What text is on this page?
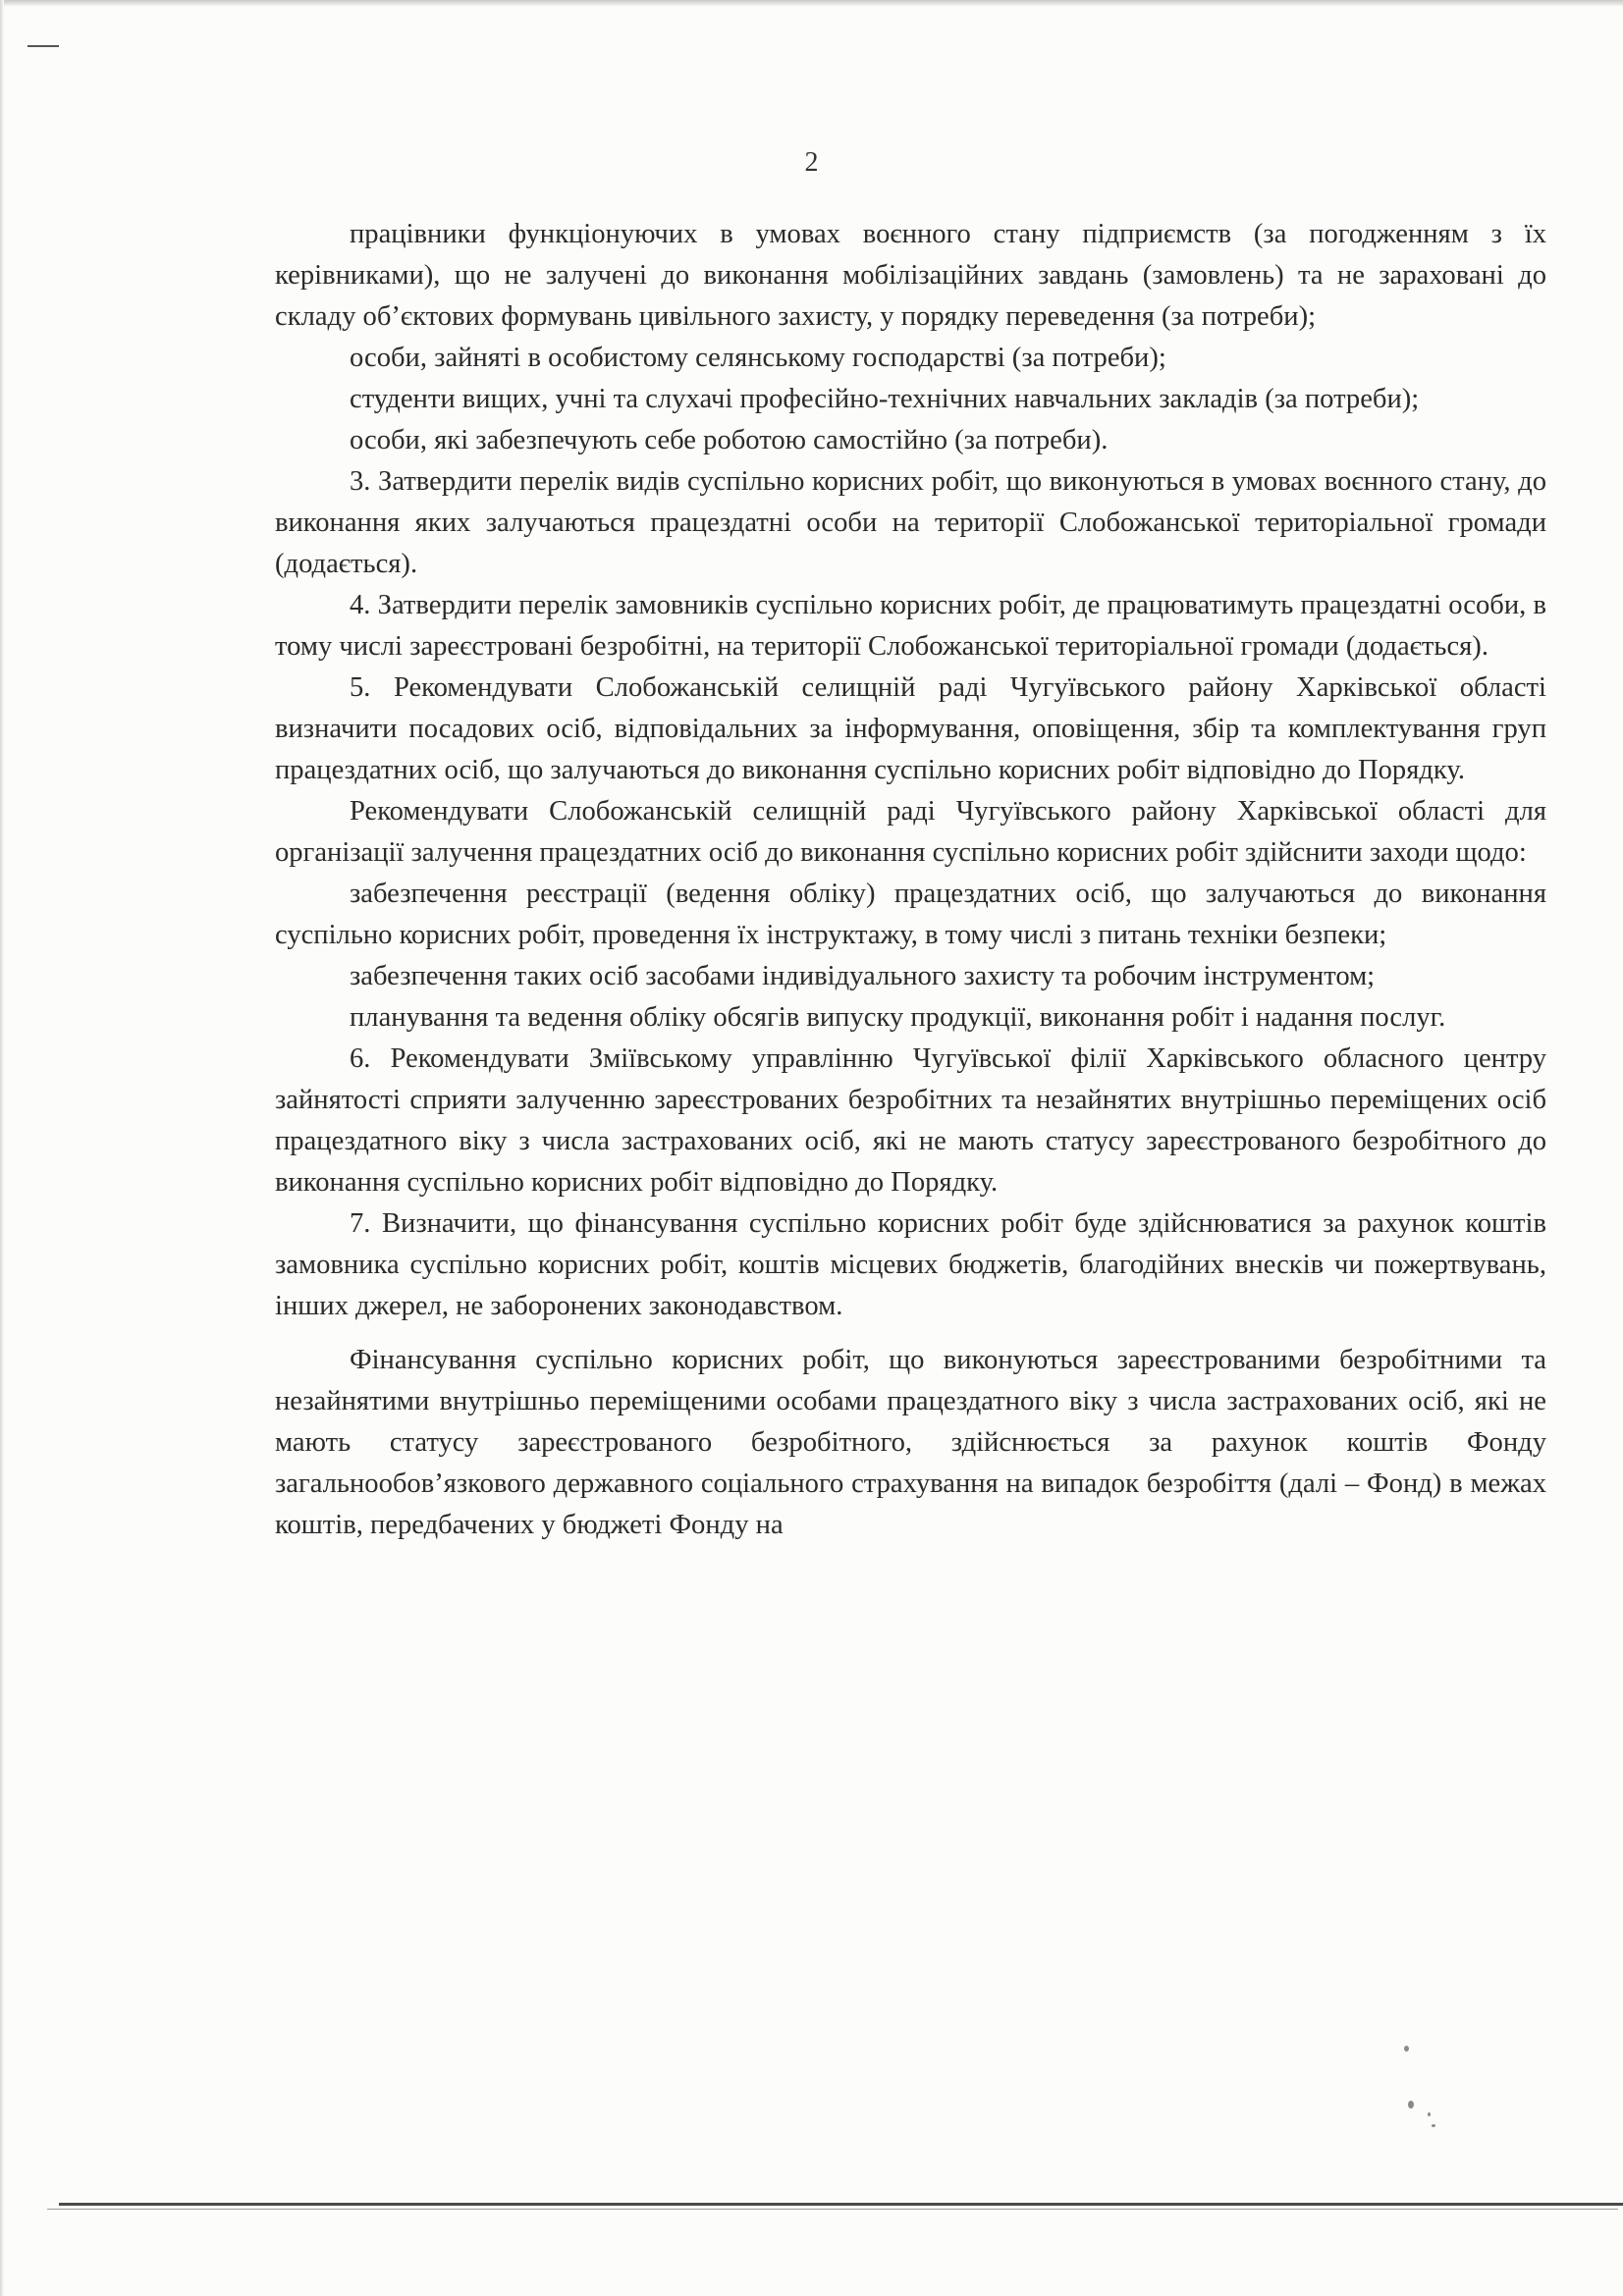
2

працівники функціонуючих в умовах воєнного стану підприємств (за погодженням з їх керівниками), що не залучені до виконання мобілізаційних завдань (замовлень) та не зараховані до складу об’єктових формувань цивільного захисту, у порядку переведення (за потреби);

особи, зайняті в особистому селянському господарстві (за потреби);

студенти вищих, учні та слухачі професійно-технічних навчальних закладів (за потреби);

особи, які забезпечують себе роботою самостійно (за потреби).

3. Затвердити перелік видів суспільно корисних робіт, що виконуються в умовах воєнного стану, до виконання яких залучаються працездатні особи на території Слобожанської територіальної громади (додається).

4. Затвердити перелік замовників суспільно корисних робіт, де працюватимуть працездатні особи, в тому числі зареєстровані безробітні, на території Слобожанської територіальної громади (додається).

5. Рекомендувати Слобожанській селищній раді Чугуївського району Харківської області визначити посадових осіб, відповідальних за інформування, оповіщення, збір та комплектування груп працездатних осіб, що залучаються до виконання суспільно корисних робіт відповідно до Порядку.

Рекомендувати Слобожанській селищній раді Чугуївського району Харківської області для організації залучення працездатних осіб до виконання суспільно корисних робіт здійснити заходи щодо:

забезпечення реєстрації (ведення обліку) працездатних осіб, що залучаються до виконання суспільно корисних робіт, проведення їх інструктажу, в тому числі з питань техніки безпеки;

забезпечення таких осіб засобами індивідуального захисту та робочим інструментом;

планування та ведення обліку обсягів випуску продукції, виконання робіт і надання послуг.

6. Рекомендувати Зміївському управлінню Чугуївської філії Харківського обласного центру зайнятості сприяти залученню зареєстрованих безробітних та незайнятих внутрішньо переміщених осіб працездатного віку з числа застрахованих осіб, які не мають статусу зареєстрованого безробітного до виконання суспільно корисних робіт відповідно до Порядку.

7. Визначити, що фінансування суспільно корисних робіт буде здійснюватися за рахунок коштів замовника суспільно корисних робіт, коштів місцевих бюджетів, благодійних внесків чи пожертвувань, інших джерел, не заборонених законодавством.

Фінансування суспільно корисних робіт, що виконуються зареєстрованими безробітними та незайнятими внутрішньо переміщеними особами працездатного віку з числа застрахованих осіб, які не мають статусу зареєстрованого безробітного, здійснюється за рахунок коштів Фонду загальнообов’язкового державного соціального страхування на випадок безробіття (далі – Фонд) в межах коштів, передбачених у бюджеті Фонду на
